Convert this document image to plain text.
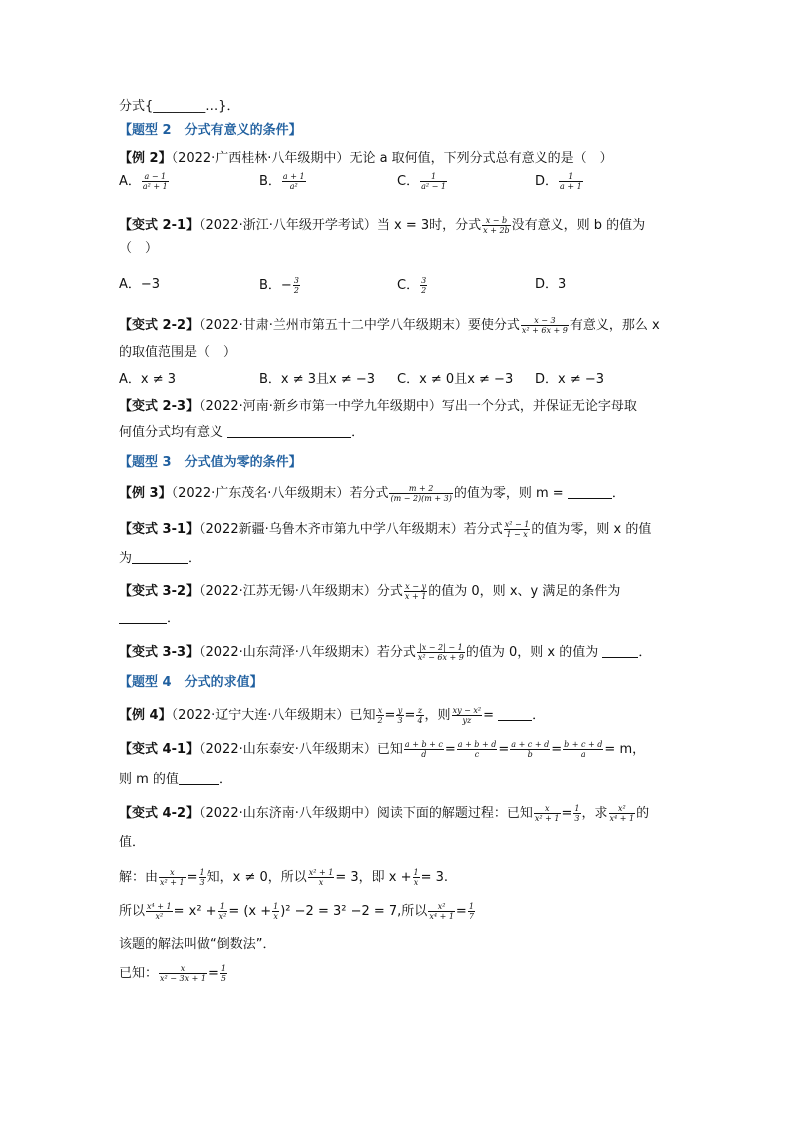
分式{________…}．
【题型 2　分式有意义的条件】
【例 2】（2022·广西桂林·八年级期中）无论 a 取何值，下列分式总有意义的是（　）
A． $\frac{a - 1}{\text{a² + 1}}$	B． $\frac{a + 1}{\text{a²}}$	C． $\frac{1}{\text{a² − 1}}$	D． $\frac{1}{a + 1}$
【变式 2-1】（2022·浙江·八年级开学考试）当 x = 3时，分式 $\frac{x - b}{x + 2b}$ 没有意义，则 b 的值为
（　）
A．−3	B．− $\frac{3}{2}$	C． $\frac{3}{2}$	D．3
【变式 2-2】（2022·甘肃·兰州市第五十二中学八年级期末）要使分式 $\frac{x - 3}{\text{x² + 6x + 9}}$ 有意义，那么 x
的取值范围是（　）
A．x ≠ 3	B．x ≠ 3且x ≠ −3 C．x ≠ 0且x ≠ −3 D．x ≠ −3
【变式 2-3】（2022·河南·新乡市第一中学九年级期中）写出一个分式，并保证无论字母取
何值分式均有意义	．
【题型 3　分式值为零的条件】
【例 3】（2022·广东茂名·八年级期末）若分式 $\frac{m + 2}{(m - 2)(m + 3)}$ 的值为零，则 m =	．
【变式 3-1】（2022新疆·乌鲁木齐市第九中学八年级期末）若分式 $\frac{\text{x² − 1}}{1 - x}$ 的值为零，则 x 的值
为	．
【变式 3-2】（2022·江苏无锡·八年级期末）分式 $\frac{x - y}{x + 1}$ 的值为 0，则 x、y 满足的条件为
．
【变式 3-3】（2022·山东菏泽·八年级期末）若分式 $\frac{|x - 2| - 1}{\text{x² − 6x + 9}}$ 的值为 0，则 x 的值为	．
【题型 4　分式的求值】
【例 4】（2022·辽宁大连·八年级期末）已知 $\frac{x}{2} = \frac{y}{3} = \frac{z}{4}$ ，则 $\frac{\text{xy − x²}}{yz}$ =	．
【变式 4-1】（2022·山东泰安·八年级期末）已知 $\frac{a + b + c}{d} = \frac{a + b + d}{c} = \frac{a + c + d}{b} = \frac{b + c + d}{a} = m$，
则 m 的值	．
【变式 4-2】（2022·山东济南·八年级期中）阅读下面的解题过程：已知 $\frac{x}{\text{x² + 1}} = \frac{1}{3}$ ，求 $\frac{\text{x²}}{\text{x⁴ + 1}}$ 的
值．
解：由 $\frac{x}{\text{x² + 1}} = \frac{1}{3}$ 知，x ≠ 0，所以 $\frac{\text{x² + 1}}{x} = 3$，即 $x + \frac{1}{x} = 3$.
所以 $\frac{\text{x⁴ + 1}}{\text{x²}} = x^2 + \frac{1}{\text{x²}} = (x + \frac{1}{x} )^2 -2 = 3^2 -2 = 7$,所以 $\frac{\text{x²}}{\text{x⁴ + 1}} = \frac{1}{7}$
该题的解法叫做“倒数法”．
已知： $\frac{x}{\text{x² − 3x + 1}} = \frac{1}{5}$
